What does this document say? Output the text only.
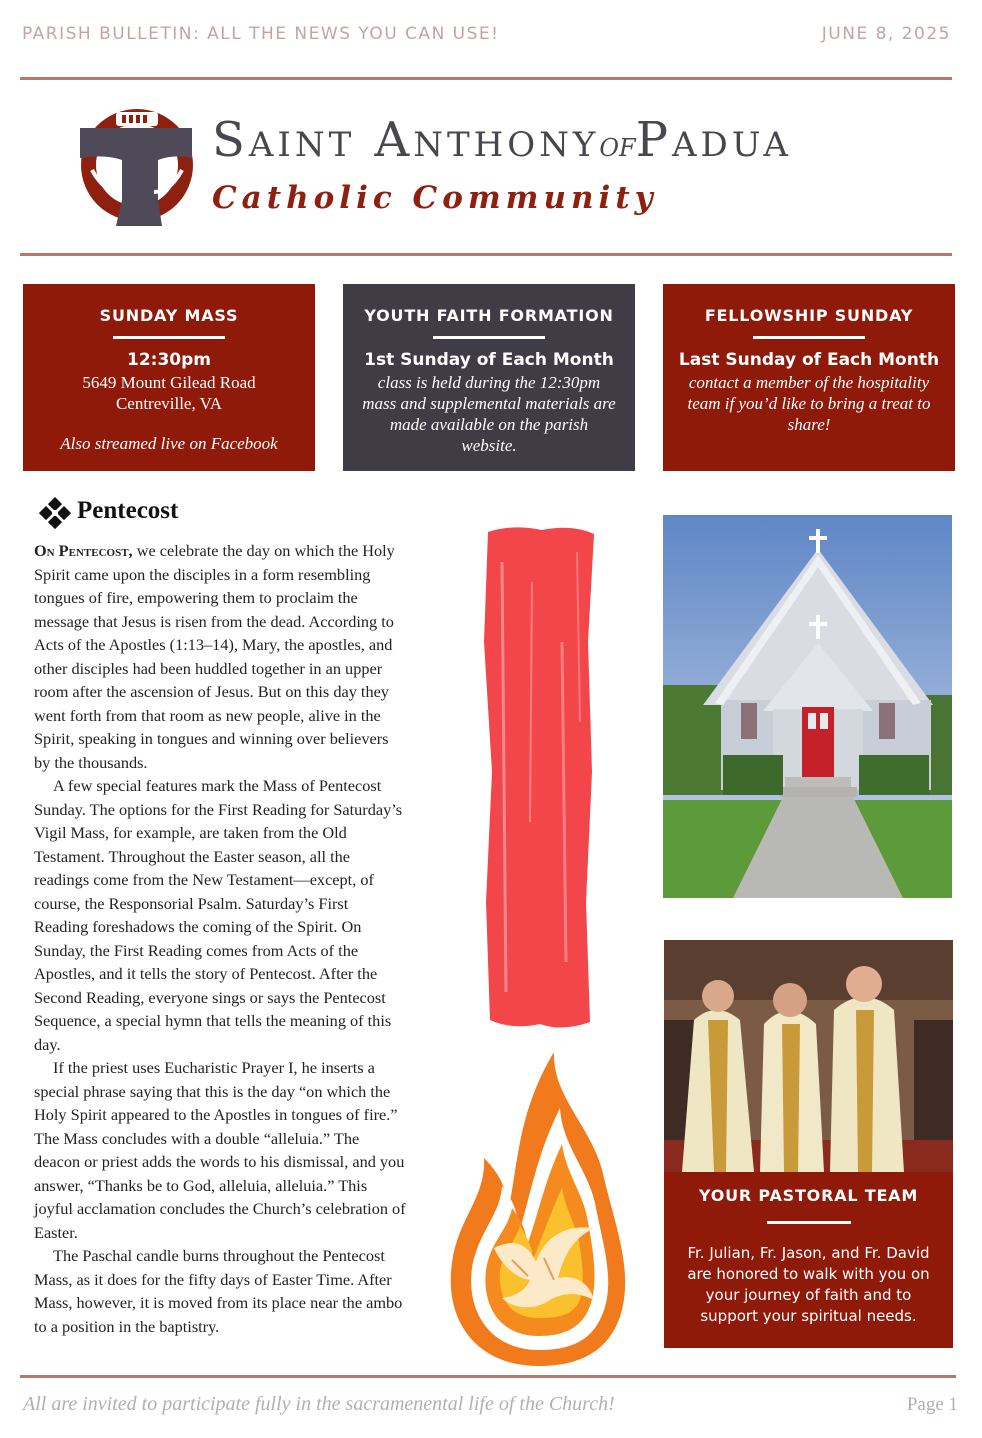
PARISH BULLETIN: ALL THE NEWS YOU CAN USE!	JUNE 8, 2025
Saint AnthonyofPadua
Catholic Community
SUNDAY MASS
12:30pm
5649 Mount Gilead Road
Centreville, VA
Also streamed live on Facebook
YOUTH FAITH FORMATION
1st Sunday of Each Month
class is held during the 12:30pm mass and supplemental materials are made available on the parish website.
FELLOWSHIP SUNDAY
Last Sunday of Each Month
contact a member of the hospitality team if you’d like to bring a treat to share!
Pentecost

On Pentecost, we celebrate the day on which the Holy Spirit came upon the disciples in a form resembling tongues of fire, empowering them to proclaim the message that Jesus is risen from the dead. According to Acts of the Apostles (1:13–14), Mary, the apostles, and other disciples had been huddled together in an upper room after the ascension of Jesus. But on this day they went forth from that room as new people, alive in the Spirit, speaking in tongues and winning over believers by the thousands.

A few special features mark the Mass of Pentecost Sunday. The options for the First Reading for Saturday’s Vigil Mass, for example, are taken from the Old Testament. Throughout the Easter season, all the readings come from the New Testament—except, of course, the Responsorial Psalm. Saturday’s First Reading foreshadows the coming of the Spirit. On Sunday, the First Reading comes from Acts of the Apostles, and it tells the story of Pentecost. After the Second Reading, everyone sings or says the Pentecost Sequence, a special hymn that tells the meaning of this day.

If the priest uses Eucharistic Prayer I, he inserts a special phrase saying that this is the day “on which the Holy Spirit appeared to the Apostles in tongues of fire.” The Mass concludes with a double “alleluia.” The deacon or priest adds the words to his dismissal, and you answer, “Thanks be to God, alleluia, alleluia.” This joyful acclamation concludes the Church’s celebration of Easter.

The Paschal candle burns throughout the Pentecost Mass, as it does for the fifty days of Easter Time. After Mass, however, it is moved from its place near the ambo to a position in the baptistry.

YOUR PASTORAL TEAM
Fr. Julian, Fr. Jason, and Fr. David are honored to walk with you on your journey of faith and to support your spiritual needs.
All are invited to participate fully in the sacramenental life of the Church!	Page 1
